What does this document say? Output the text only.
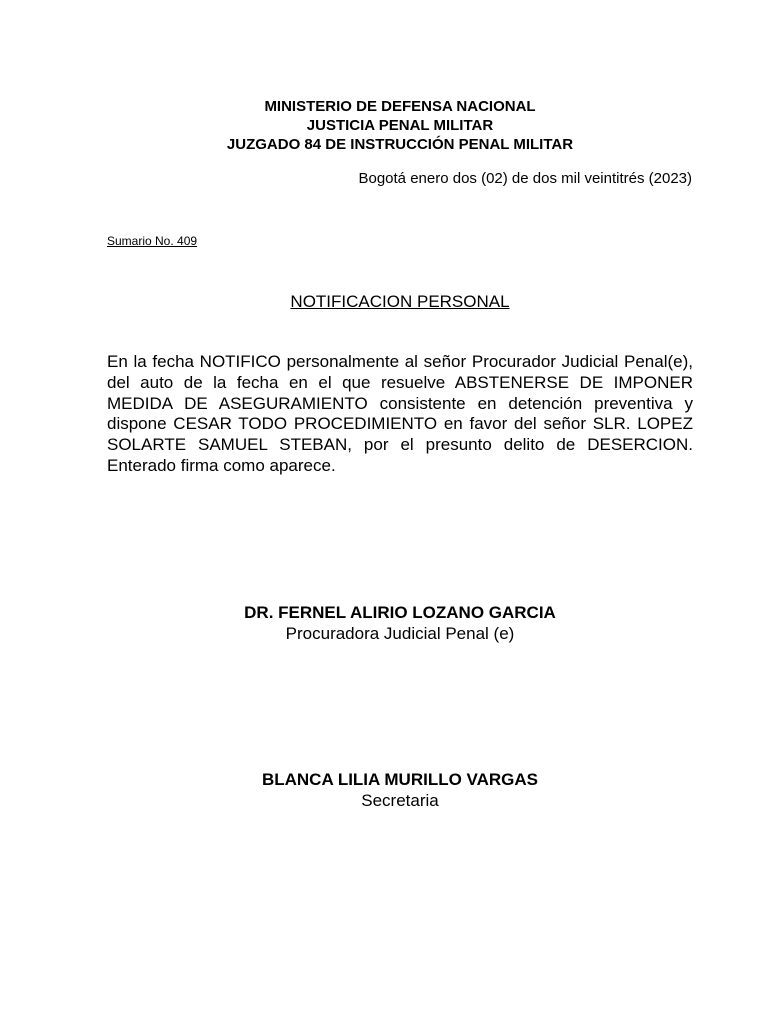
MINISTERIO DE DEFENSA NACIONAL
JUSTICIA PENAL MILITAR
JUZGADO 84 DE INSTRUCCIÓN PENAL MILITAR
Bogotá enero dos (02) de dos mil veintitrés (2023)
Sumario No. 409
NOTIFICACION PERSONAL
En la fecha NOTIFICO personalmente al señor Procurador Judicial Penal(e), del auto de la fecha en el que resuelve ABSTENERSE DE IMPONER MEDIDA DE ASEGURAMIENTO consistente en detención preventiva y dispone CESAR TODO PROCEDIMIENTO en favor del señor SLR. LOPEZ SOLARTE SAMUEL STEBAN, por el presunto delito de DESERCION. Enterado firma como aparece.
DR. FERNEL ALIRIO LOZANO GARCIA
Procuradora Judicial Penal (e)
BLANCA LILIA MURILLO VARGAS
Secretaria
